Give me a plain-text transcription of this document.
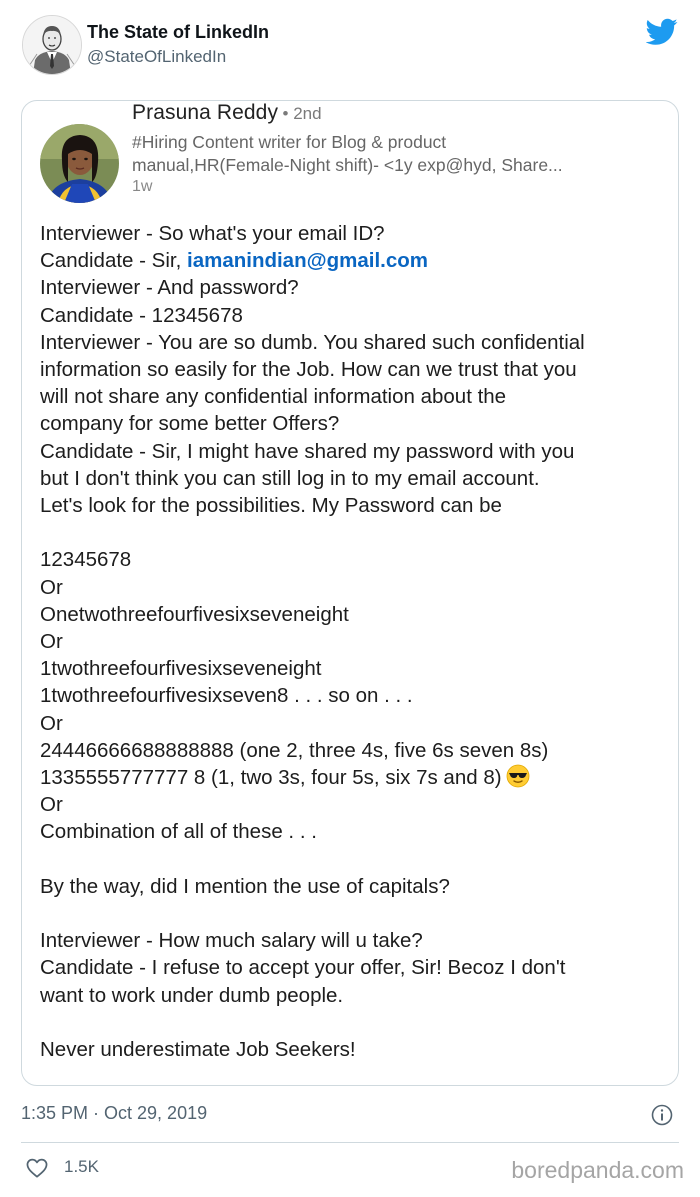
The State of LinkedIn
@StateOfLinkedIn
Prasuna Reddy • 2nd
#Hiring Content writer for Blog & product
manual,HR(Female-Night shift)- <1y exp@hyd, Share...
1w
Interviewer - So what's your email ID?
Candidate - Sir, iamanindian@gmail.com
Interviewer - And password?
Candidate - 12345678
Interviewer - You are so dumb. You shared such confidential
information so easily for the Job. How can we trust that you
will not share any confidential information about the
company for some better Offers?
Candidate - Sir, I might have shared my password with you
but I don't think you can still log in to my email account.
Let's look for the possibilities. My Password can be
12345678
Or
Onetwothreefourfivesixseveneight
Or
1twothreefourfivesixseveneight
1twothreefourfivesixseven8 . . . so on . . .
Or
24446666688888888 (one 2, three 4s, five 6s seven 8s)
1335555777777 8 (1, two 3s, four 5s, six 7s and 8)
Or
Combination of all of these . . .
By the way, did I mention the use of capitals?
Interviewer - How much salary will u take?
Candidate - I refuse to accept your offer, Sir! Becoz I don't
want to work under dumb people.
Never underestimate Job Seekers!
1:35 PM · Oct 29, 2019
1.5K	boredpanda.com
